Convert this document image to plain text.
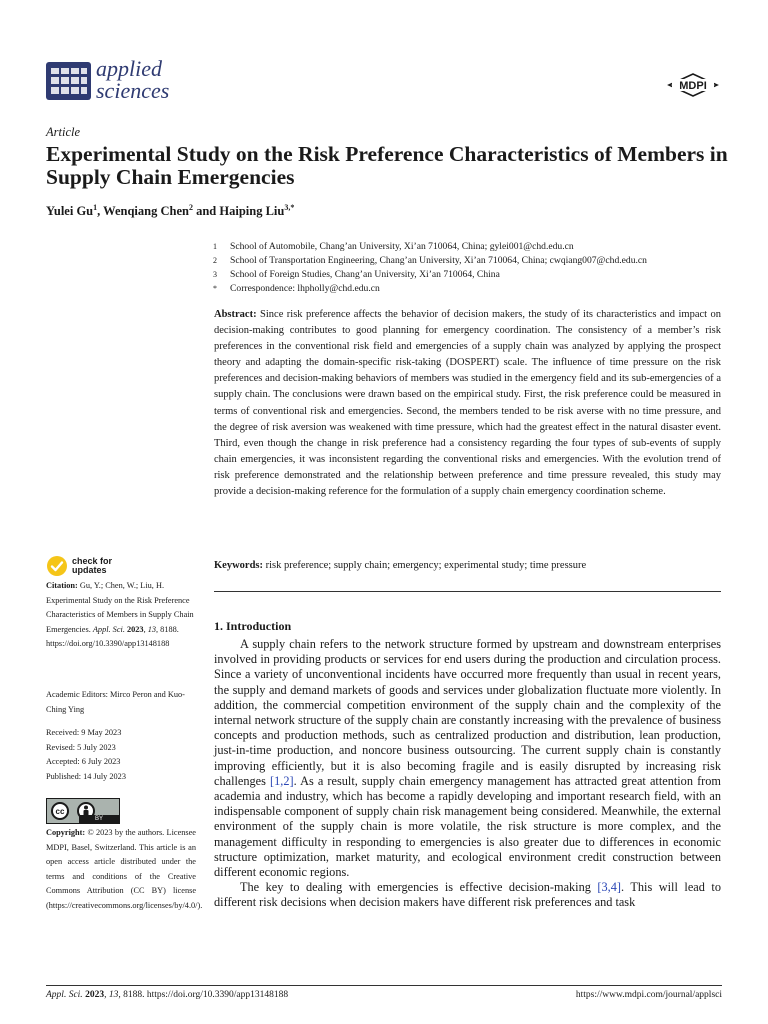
applied
sciences	MDPI
Article
Experimental Study on the Risk Preference Characteristics of Members in Supply Chain Emergencies
Yulei Gu$^1$, Wenqiang Chen$^2$ and Haiping Liu$^{3,*}$
1	School of Automobile, Chang’an University, Xi’an 710064, China; gylei001@chd.edu.cn
2	School of Transportation Engineering, Chang’an University, Xi’an 710064, China; cwqiang007@chd.edu.cn
3	School of Foreign Studies, Chang’an University, Xi’an 710064, China
*	Correspondence: lhpholly@chd.edu.cn
Abstract: Since risk preference affects the behavior of decision makers, the study of its characteristics and impact on decision-making contributes to good planning for emergency coordination. The consistency of a member’s risk preferences in the conventional risk field and emergencies of a supply chain was analyzed by applying the prospect theory and adapting the domain-specific risk-taking (DOSPERT) scale. The influence of time pressure on the risk preferences and decision-making behaviors of members was studied in the emergency field and its sub-emergencies of a supply chain. The conclusions were drawn based on the empirical study. First, the risk preference could be measured in terms of conventional risk and emergencies. Second, the members tended to be risk averse with no time pressure, and the degree of risk aversion was weakened with time pressure, which had the greatest effect in the natural disaster event. Third, even though the change in risk preference had a consistency regarding the four types of sub-events of supply chain emergencies, it was inconsistent regarding the conventional risks and emergencies. With the evolution trend of risk preference demonstrated and the relationship between preference and time pressure revealed, this study may provide a decision-making reference for the formulation of a supply chain emergency coordination scheme.
Keywords: risk preference; supply chain; emergency; experimental study; time pressure
check for
updates

Citation: Gu, Y.; Chen, W.; Liu, H. Experimental Study on the Risk Preference Characteristics of Members in Supply Chain Emergencies. Appl. Sci. 2023, 13, 8188. https://doi.org/10.3390/app13148188

Academic Editors: Mirco Peron and Kuo-Ching Ying
Received: 9 May 2023
Revised: 5 July 2023
Accepted: 6 July 2023
Published: 14 July 2023
cc
BY
Copyright: © 2023 by the authors. Licensee MDPI, Basel, Switzerland. This article is an open access article distributed under the terms and conditions of the Creative Commons Attribution (CC BY) license (https://creativecommons.org/licenses/by/4.0/).
1. Introduction

A supply chain refers to the network structure formed by upstream and downstream enterprises involved in providing products or services for end users during the production and circulation process. Since a variety of unconventional incidents have occurred more frequently than usual in recent years, the supply and demand markets of goods and services under globalization fluctuate more violently. In addition, the commercial competition environment of the supply chain and the complexity of the internal network structure of the supply chain are constantly increasing with the prevalence of business concepts and production methods, such as centralized production and distribution, lean production, just-in-time production, and noncore business outsourcing. The current supply chain is constantly improving efficiently, but it is also becoming fragile and is easily disrupted by increasing risk challenges [1,2]. As a result, supply chain emergency management has attracted great attention from academia and industry, which has become a rapidly developing and important research field, with an indispensable component of supply chain risk management being considered. Meanwhile, the external environment of the supply chain is more volatile, the risk structure is more complex, and the management difficulty in responding to emergencies is also greater due to differences in economic structure optimization, market maturity, and ecological environment credit construction between different economic regions.

The key to dealing with emergencies is effective decision-making [3,4]. This will lead to different risk decisions when decision makers have different risk preferences and task

Appl. Sci. 2023, 13, 8188. https://doi.org/10.3390/app13148188	https://www.mdpi.com/journal/applsci
